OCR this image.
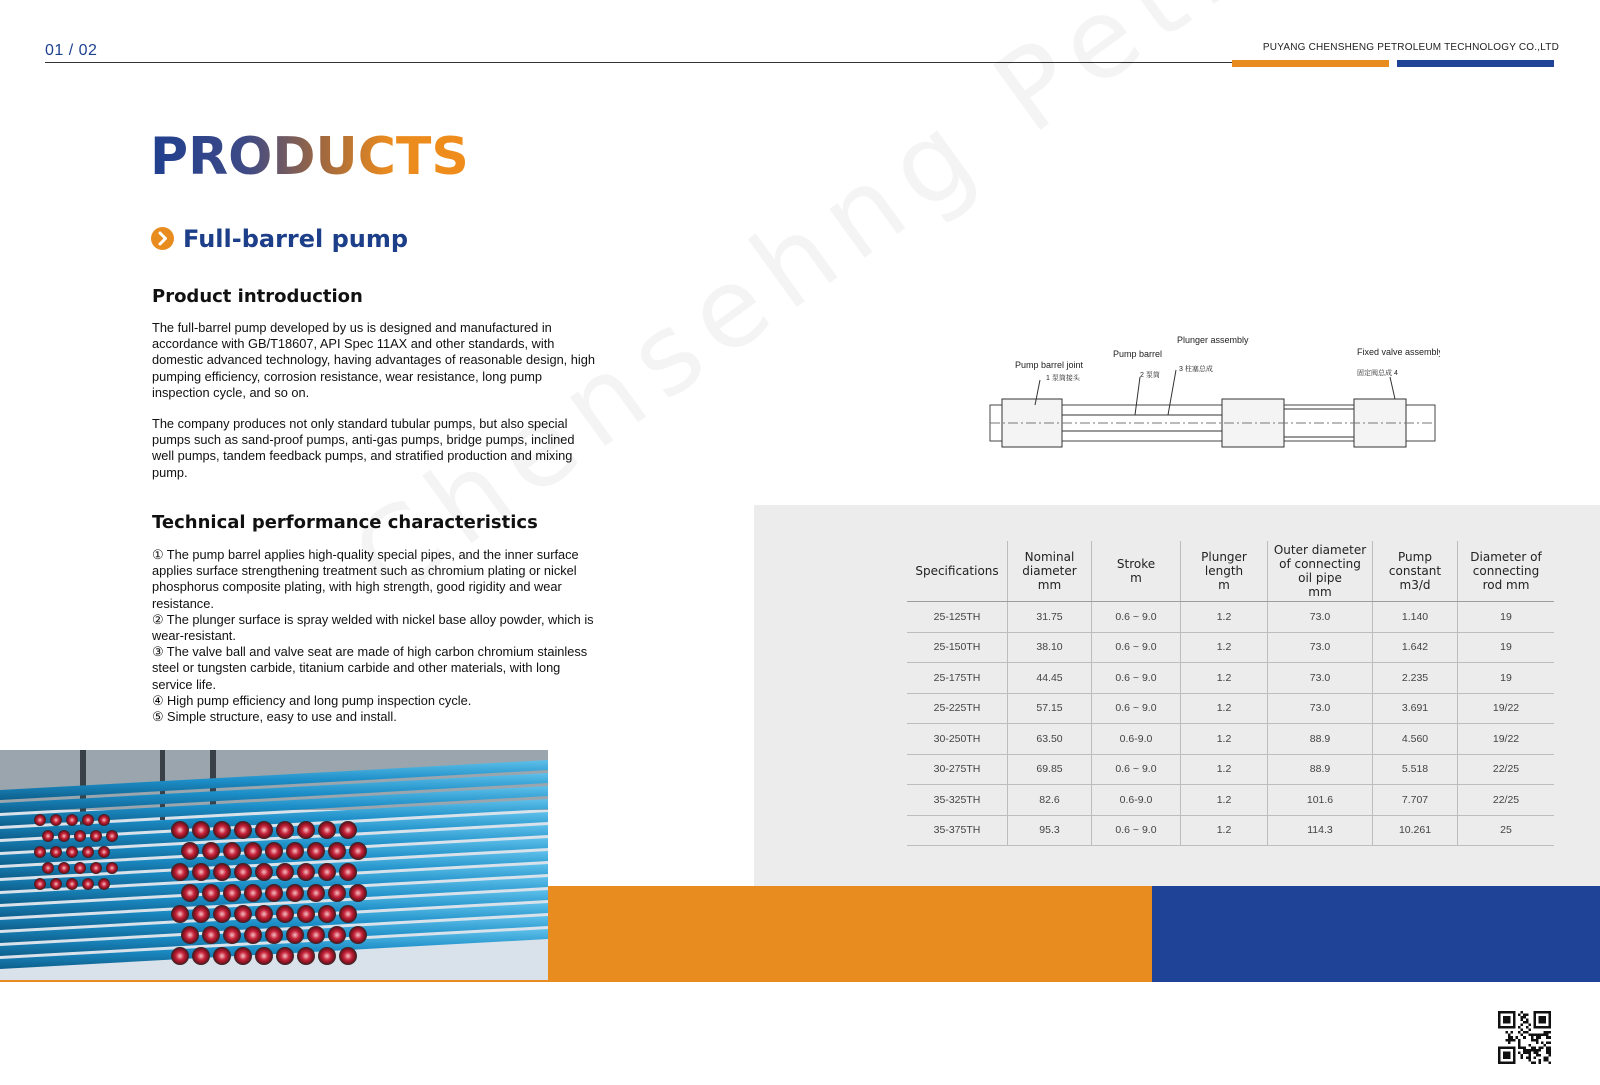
01 / 02	PUYANG CHENSHENG PETROLEUM TECHNOLOGY CO.,LTD
PRODUCTS
Full-barrel pump
Product introduction
The full-barrel pump developed by us is designed and manufactured in accordance with GB/T18607, API Spec 11AX and other standards, with domestic advanced technology, having advantages of reasonable design, high pumping efficiency, corrosion resistance, wear resistance, long pump inspection cycle, and so on.
The company produces not only standard tubular pumps, but also special pumps such as sand-proof pumps, anti-gas pumps, bridge pumps, inclined well pumps, tandem feedback pumps, and stratified production and mixing pump.
Technical performance characteristics
① The pump barrel applies high-quality special pipes, and the inner surface applies surface strengthening treatment such as chromium plating or nickel phosphorus composite plating, with high strength, good rigidity and wear resistance.
② The plunger surface is spray welded with nickel base alloy powder, which is wear-resistant.
③ The valve ball and valve seat are made of high carbon chromium stainless steel or tungsten carbide, titanium carbide and other materials, with long service life.
④ High pump efficiency and long pump inspection cycle.
⑤ Simple structure, easy to use and install.
Plunger assembly
Fixed valve assembly
Pump barrel
Pump barrel joint
1 泵筒接头	2 泵筒
3 柱塞总成
固定阀总成 4
Specifications	Nominal
diameter
mm	Stroke
m	Plunger
length
m	Outer diameter
of connecting
oil pipe
mm	Pump
constant
m3/d	Diameter of
connecting
rod mm
25-125TH	31.75	0.6 ~ 9.0	1.2	73.0	1.140	19
25-150TH	38.10	0.6 ~ 9.0	1.2	73.0	1.642	19
25-175TH	44.45	0.6 ~ 9.0	1.2	73.0	2.235	19
25-225TH	57.15	0.6 ~ 9.0	1.2	73.0	3.691	19/22
30-250TH	63.50	0.6-9.0	1.2	88.9	4.560	19/22
30-275TH	69.85	0.6 ~ 9.0	1.2	88.9	5.518	22/25
35-325TH	82.6	0.6-9.0	1.2	101.6	7.707	22/25
35-375TH	95.3	0.6 ~ 9.0	1.2	114.3	10.261	25
